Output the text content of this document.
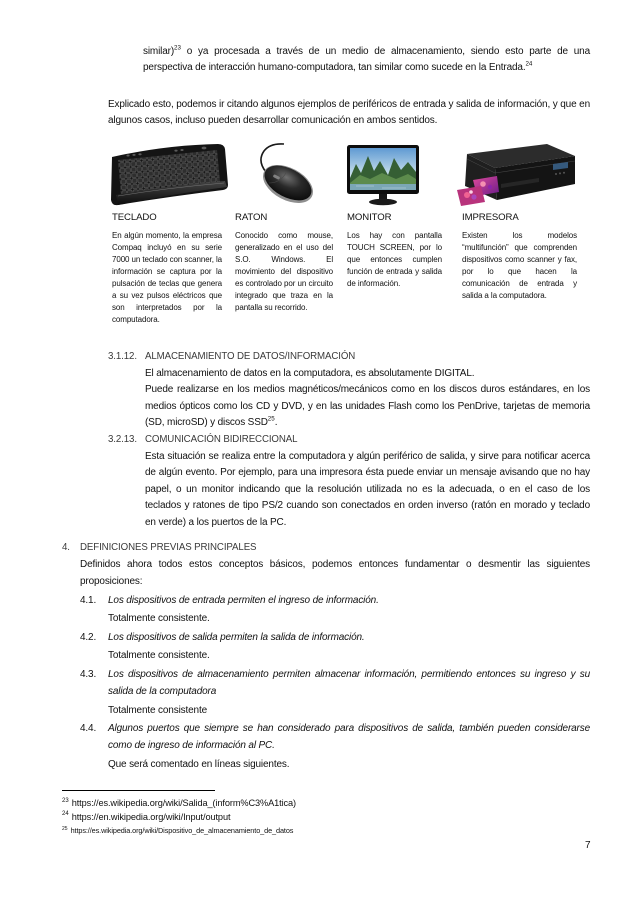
similar)$^{23}$ o ya procesada a través de un medio de almacenamiento, siendo esto parte de una perspectiva de interacción humano-computadora, tan similar como sucede en la Entrada.$^{24}$

Explicado esto, podemos ir citando algunos ejemplos de periféricos de entrada y salida de información, y que en algunos casos, incluso pueden desarrollar comunicación en ambos sentidos.

TECLADO

En algún momento, la empresa Compaq incluyó en su serie 7000 un teclado con scanner, la información se captura por la pulsación de teclas que genera a su vez pulsos eléctricos que son interpretados por la computadora.

RATON

Conocido como mouse, generalizado en el uso del S.O. Windows. El movimiento del dispositivo es controlado por un circuito integrado que traza en la pantalla su recorrido.

MONITOR

Los hay con pantalla TOUCH SCREEN, por lo que entonces cumplen función de entrada y salida de información.

IMPRESORA

Existen los modelos “multifunción” que comprenden dispositivos como scanner y fax, por lo que hacen la comunicación de entrada y salida a la computadora.

3.1.12. ALMACENAMIENTO DE DATOS/INFORMACIÓN

El almacenamiento de datos en la computadora, es absolutamente DIGITAL.

Puede realizarse en los medios magnéticos/mecánicos como en los discos duros estándares, en los medios ópticos como los CD y DVD, y en las unidades Flash como los PenDrive, tarjetas de memoria (SD, microSD) y discos SSD$^{25}$.

3.2.13. COMUNICACIÓN BIDIRECCIONAL

Esta situación se realiza entre la computadora y algún periférico de salida, y sirve para notificar acerca de algún evento. Por ejemplo, para una impresora ésta puede enviar un mensaje avisando que no hay papel, o un monitor indicando que la resolución utilizada no es la adecuada, o en el caso de los teclados y ratones de tipo PS/2 cuando son conectados en orden inverso (ratón en morado y teclado en verde) a los puertos de la PC.

4.	DEFINICIONES PREVIAS PRINCIPALES

Definidos ahora todos estos conceptos básicos, podemos entonces fundamentar o desmentir las siguientes proposiciones:

4.1.	Los dispositivos de entrada permiten el ingreso de información.

Totalmente consistente.

4.2.	Los dispositivos de salida permiten la salida de información.

Totalmente consistente.

4.3.	Los dispositivos de almacenamiento permiten almacenar información, permitiendo entonces su ingreso y su salida de la computadora

Totalmente consistente

4.4.	Algunos puertos que siempre se han considerado para dispositivos de salida, también pueden considerarse como de ingreso de información al PC.

Que será comentado en líneas siguientes.

$^{23}$ https://es.wikipedia.org/wiki/Salida_(inform%C3%A1tica)
$^{24}$ https://en.wikipedia.org/wiki/Input/output
$^{25}$ https://es.wikipedia.org/wiki/Dispositivo_de_almacenamiento_de_datos
7
